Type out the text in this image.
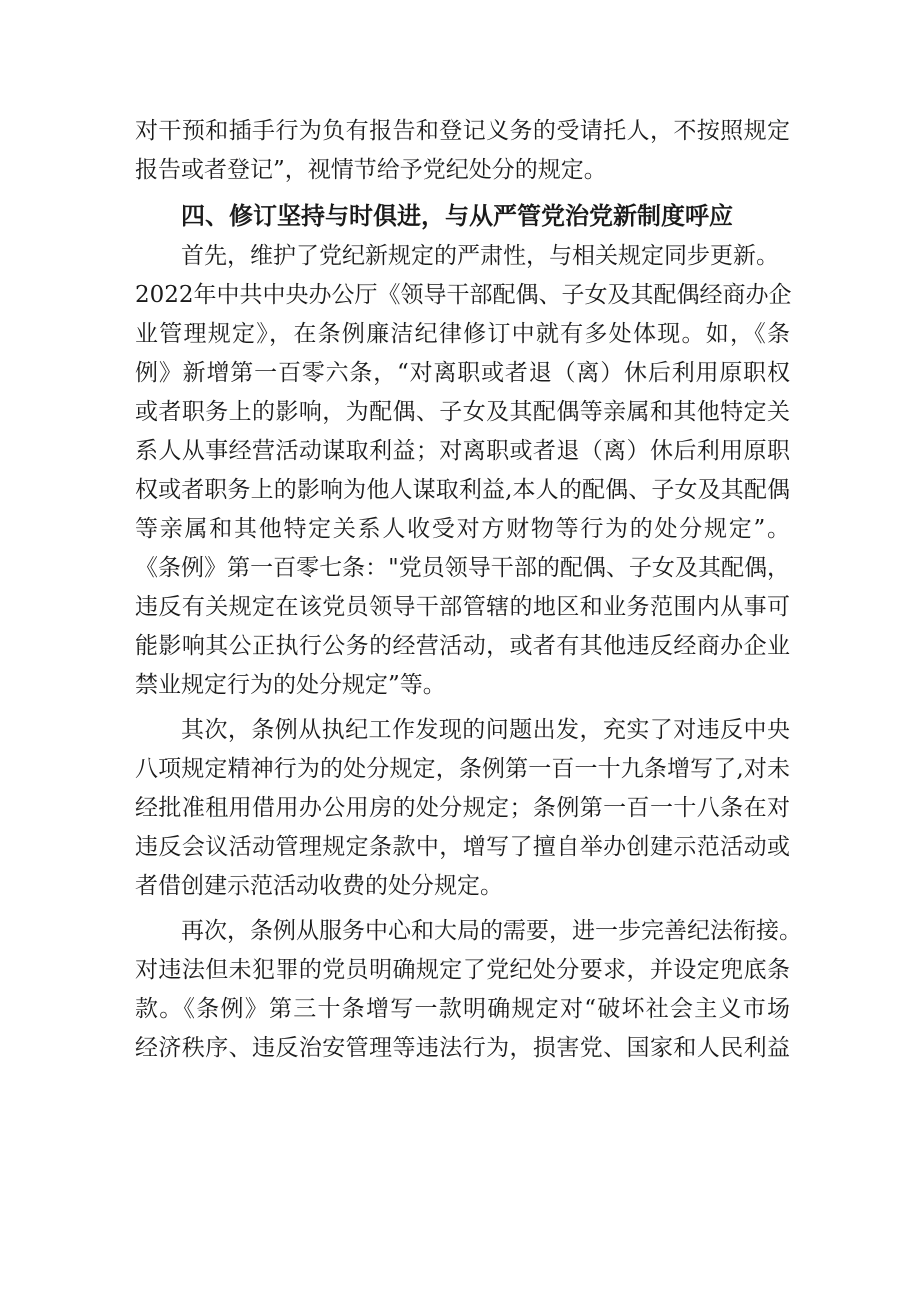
对干预和插手行为负有报告和登记义务的受请托人，不按照规定
报告或者登记”，视情节给予党纪处分的规定。
四、修订坚持与时俱进，与从严管党治党新制度呼应
首先，维护了党纪新规定的严肃性，与相关规定同步更新。
2022年中共中央办公厅《领导干部配偶、子女及其配偶经商办企
业管理规定》，在条例廉洁纪律修订中就有多处体现。如，《条
例》新增第一百零六条，“对离职或者退（离）休后利用原职权
或者职务上的影响，为配偶、子女及其配偶等亲属和其他特定关
系人从事经营活动谋取利益；对离职或者退（离）休后利用原职
权或者职务上的影响为他人谋取利益,本人的配偶、子女及其配偶
等亲属和其他特定关系人收受对方财物等行为的处分规定”。
《条例》第一百零七条："党员领导干部的配偶、子女及其配偶，
违反有关规定在该党员领导干部管辖的地区和业务范围内从事可
能影响其公正执行公务的经营活动，或者有其他违反经商办企业
禁业规定行为的处分规定”等。
其次，条例从执纪工作发现的问题出发，充实了对违反中央
八项规定精神行为的处分规定，条例第一百一十九条增写了,对未
经批准租用借用办公用房的处分规定；条例第一百一十八条在对
违反会议活动管理规定条款中，增写了擅自举办创建示范活动或
者借创建示范活动收费的处分规定。
再次，条例从服务中心和大局的需要，进一步完善纪法衔接。
对违法但未犯罪的党员明确规定了党纪处分要求，并设定兜底条
款。《条例》第三十条增写一款明确规定对“破坏社会主义市场
经济秩序、违反治安管理等违法行为，损害党、国家和人民利益
